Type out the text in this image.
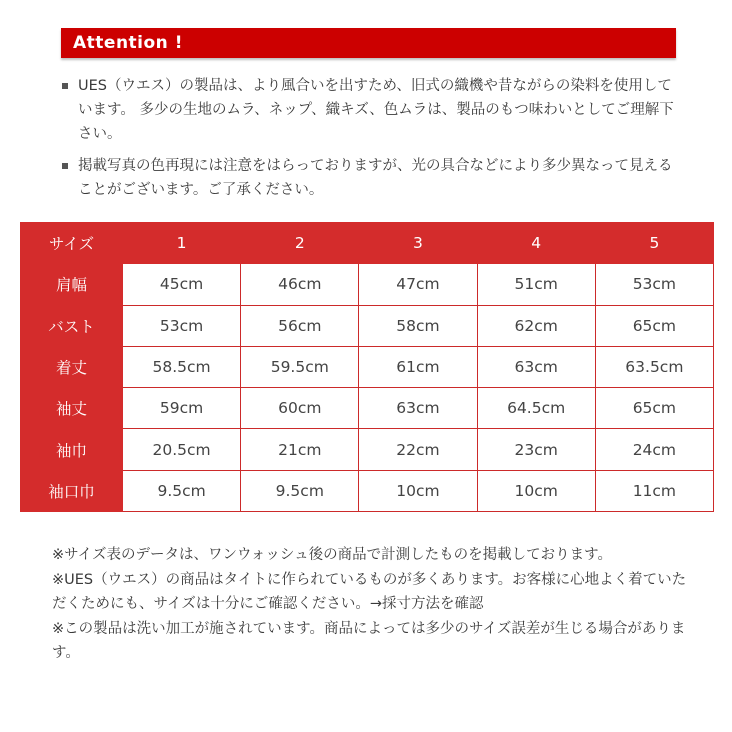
Attention !
UES（ウエス）の製品は、より風合いを出すため、旧式の織機や昔ながらの染料を使用しています。 多少の生地のムラ、ネップ、織キズ、色ムラは、製品のもつ味わいとしてご理解下さい。
掲載写真の色再現には注意をはらっておりますが、光の具合などにより多少異なって見えることがございます。ご了承ください。
サイズ	1	2	3	4	5
肩幅	45cm	46cm	47cm	51cm	53cm
バスト	53cm	56cm	58cm	62cm	65cm
着丈	58.5cm	59.5cm	61cm	63cm	63.5cm
袖丈	59cm	60cm	63cm	64.5cm	65cm
袖巾	20.5cm	21cm	22cm	23cm	24cm
袖口巾	9.5cm	9.5cm	10cm	10cm	11cm

※サイズ表のデータは、ワンウォッシュ後の商品で計測したものを掲載しております。

※UES（ウエス）の商品はタイトに作られているものが多くあります。お客様に心地よく着ていただくためにも、サイズは十分にご確認ください。→採寸方法を確認

※この製品は洗い加工が施されています。商品によっては多少のサイズ誤差が生じる場合があります。
